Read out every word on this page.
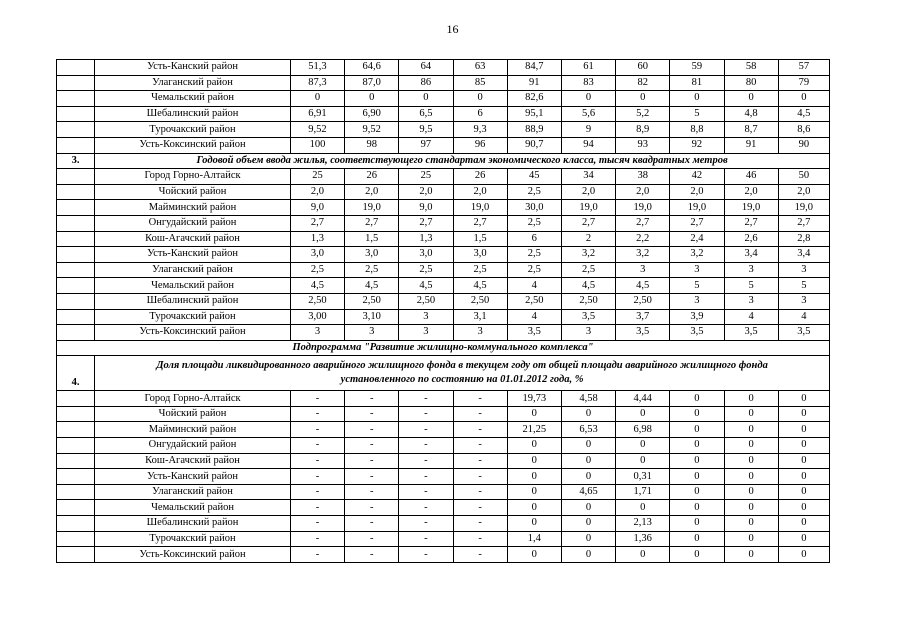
16
	Усть-Канский район	51,3	64,6	64	63	84,7	61	60	59	58	57
	Улаганский район	87,3	87,0	86	85	91	83	82	81	80	79
	Чемальский район	0	0	0	0	82,6	0	0	0	0	0
	Шебалинский район	6,91	6,90	6,5	6	95,1	5,6	5,2	5	4,8	4,5
	Турочакский район	9,52	9,52	9,5	9,3	88,9	9	8,9	8,8	8,7	8,6
	Усть-Коксинский район	100	98	97	96	90,7	94	93	92	91	90
3.	Годовой объем ввода жилья, соответствующего стандартам экономического класса, тысяч квадратных метров										
	Город Горно-Алтайск	25	26	25	26	45	34	38	42	46	50
	Чойский район	2,0	2,0	2,0	2,0	2,5	2,0	2,0	2,0	2,0	2,0
	Майминский район	9,0	19,0	9,0	19,0	30,0	19,0	19,0	19,0	19,0	19,0
	Онгудайский район	2,7	2,7	2,7	2,7	2,5	2,7	2,7	2,7	2,7	2,7
	Кош-Агачский район	1,3	1,5	1,3	1,5	6	2	2,2	2,4	2,6	2,8
	Усть-Канский район	3,0	3,0	3,0	3,0	2,5	3,2	3,2	3,2	3,4	3,4
	Улаганский район	2,5	2,5	2,5	2,5	2,5	2,5	3	3	3	3
	Чемальский район	4,5	4,5	4,5	4,5	4	4,5	4,5	5	5	5
	Шебалинский район	2,50	2,50	2,50	2,50	2,50	2,50	2,50	3	3	3
	Турочакский район	3,00	3,10	3	3,1	4	3,5	3,7	3,9	4	4
	Усть-Коксинский район	3	3	3	3	3,5	3	3,5	3,5	3,5	3,5
Подпрограмма "Развитие жилищно-коммунального комплекса"											
4.	Доля площади ликвидированного аварийного жилищного фонда в текущем году от общей площади аварийного жилищного фонда
установленного по состоянию на 01.01.2012 года, %										

	Город Горно-Алтайск	-	-	-	-	19,73	4,58	4,44	0	0	0
	Чойский район	-	-	-	-	0	0	0	0	0	0
	Майминский район	-	-	-	-	21,25	6,53	6,98	0	0	0
	Онгудайский район	-	-	-	-	0	0	0	0	0	0
	Кош-Агачский район	-	-	-	-	0	0	0	0	0	0
	Усть-Канский район	-	-	-	-	0	0	0,31	0	0	0
	Улаганский район	-	-	-	-	0	4,65	1,71	0	0	0
	Чемальский район	-	-	-	-	0	0	0	0	0	0
	Шебалинский район	-	-	-	-	0	0	2,13	0	0	0
	Турочакский район	-	-	-	-	1,4	0	1,36	0	0	0
	Усть-Коксинский район	-	-	-	-	0	0	0	0	0	0
